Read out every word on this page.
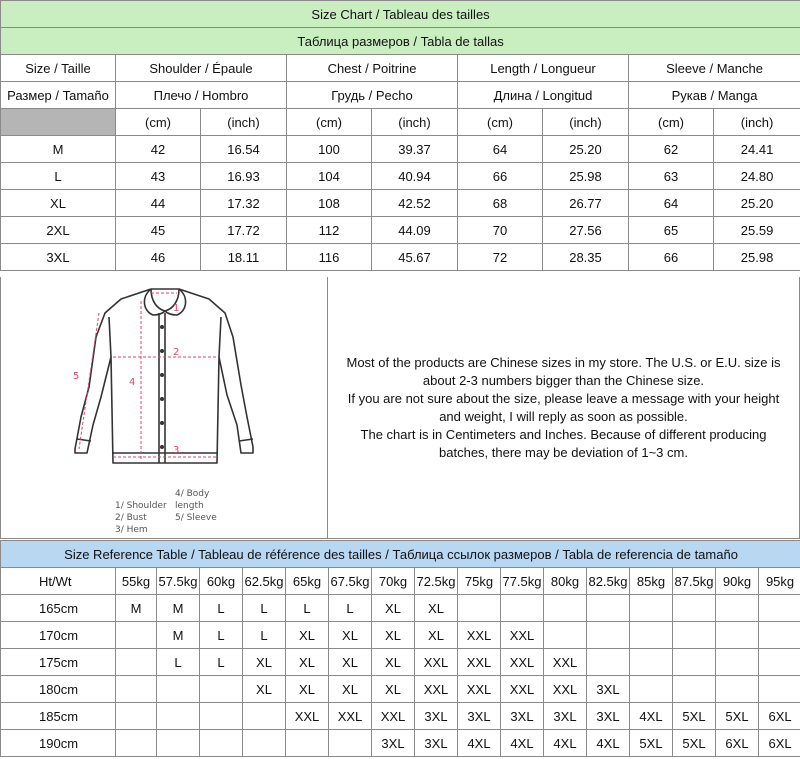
Size Chart / Tableau des tailles								
Таблица размеров / Tabla de tallas								
Size / Taille	Shoulder / Épaule		Chest / Poitrine		Length / Longueur		Sleeve / Manche	
Размер / Tamaño	Плечо / Hombro		Грудь / Pecho		Длина / Longitud		Рукав / Manga	
	(cm)	(inch)	(cm)	(inch)	(cm)	(inch)	(cm)	(inch)
M	42	16.54	100	39.37	64	25.20	62	24.41
L	43	16.93	104	40.94	66	25.98	63	24.80
XL	44	17.32	108	42.52	68	26.77	64	25.20
2XL	45	17.72	112	44.09	70	27.56	65	25.59
3XL	46	18.11	116	45.67	72	28.35	66	25.98
1
2
3
4
5
Most of the products are Chinese sizes in my store. The U.S. or E.U. size is
about 2-3 numbers bigger than the Chinese size.
If you are not sure about the size, please leave a message with your height
and weight, I will reply as soon as possible.
The chart is in Centimeters and Inches. Because of different producing
batches, there may be deviation of 1~3 cm.
1/ Shoulder4/ Body length
2/ Bust	5/ Sleeve
3/ Hem
Size Reference Table / Tableau de référence des tailles / Таблица ссылок размеров / Tabla de referencia de tamaño																
Ht/Wt	55kg	57.5kg	60kg	62.5kg	65kg	67.5kg	70kg	72.5kg	75kg	77.5kg	80kg	82.5kg	85kg	87.5kg	90kg	95kg
165cm	M	M	L	L	L	L	XL	XL								
170cm		M	L	L	XL	XL	XL	XL	XXL	XXL						
175cm		L	L	XL	XL	XL	XL	XXL	XXL	XXL	XXL					
180cm				XL	XL	XL	XL	XXL	XXL	XXL	XXL	3XL				
185cm					XXL	XXL	XXL	3XL	3XL	3XL	3XL	3XL	4XL	5XL	5XL	6XL
190cm							3XL	3XL	4XL	4XL	4XL	4XL	5XL	5XL	6XL	6XL
